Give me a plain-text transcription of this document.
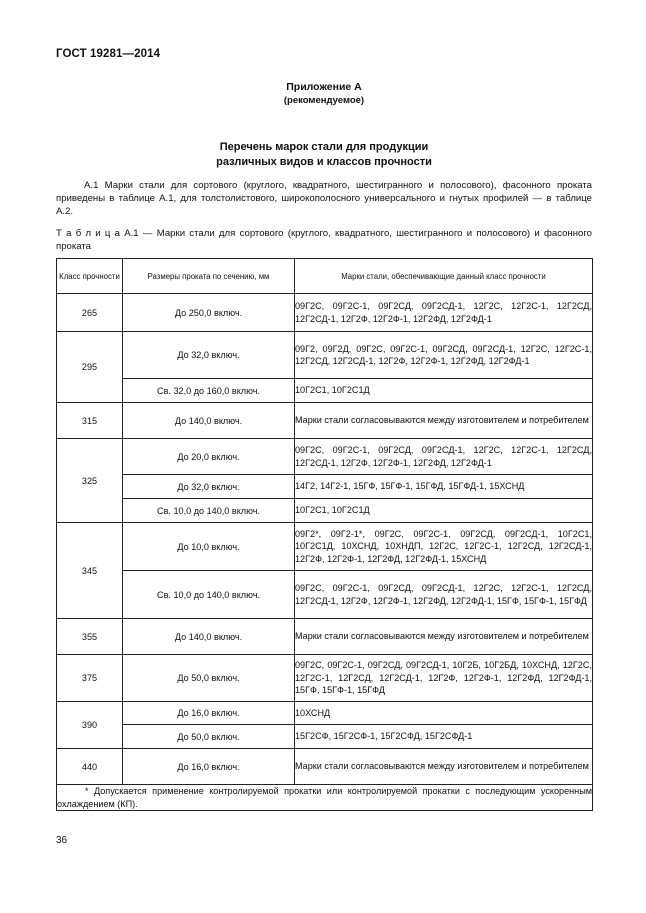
ГОСТ 19281—2014
Приложение А
(рекомендуемое)
Перечень марок стали для продукции
различных видов и классов прочности
А.1 Марки стали для сортового (круглого, квадратного, шестигранного и полосового), фасонного проката приведены в таблице А.1, для толстолистового, широкополосного универсального и гнутых профилей — в таблице А.2.
Т а б л и ц а А.1 — Марки стали для сортового (круглого, квадратного, шестигранного и полосового) и фасонного проката
Класс прочности	Размеры проката по сечению, мм	Марки стали, обеспечивающие данный класс прочности
265	До 250,0 включ.	09Г2С, 09Г2С-1, 09Г2СД, 09Г2СД-1, 12Г2С, 12Г2С-1, 12Г2СД, 12Г2СД-1, 12Г2Ф, 12Г2Ф-1, 12Г2ФД, 12Г2ФД-1
295	До 32,0 включ.	09Г2, 09Г2Д, 09Г2С, 09Г2С-1, 09Г2СД, 09Г2СД-1, 12Г2С, 12Г2С-1, 12Г2СД, 12Г2СД-1, 12Г2Ф, 12Г2Ф-1, 12Г2ФД, 12Г2ФД-1
	Св. 32,0 до 160,0 включ.	10Г2С1, 10Г2С1Д
315	До 140,0 включ.	Марки стали согласовываются между изготовителем и потребителем
325	До 20,0 включ.	09Г2С, 09Г2С-1, 09Г2СД, 09Г2СД-1, 12Г2С, 12Г2С-1, 12Г2СД, 12Г2СД-1, 12Г2Ф, 12Г2Ф-1, 12Г2ФД, 12Г2ФД-1
	До 32,0 включ.	14Г2, 14Г2-1, 15ГФ, 15ГФ-1, 15ГФД, 15ГФД-1, 15ХСНД
	Св. 10,0 до 140,0 включ.	10Г2С1, 10Г2С1Д
345	До 10,0 включ.	09Г2*, 09Г2-1*, 09Г2С, 09Г2С-1, 09Г2СД, 09Г2СД-1, 10Г2С1, 10Г2С1Д, 10ХСНД, 10ХНДП, 12Г2С, 12Г2С-1, 12Г2СД, 12Г2СД-1, 12Г2Ф, 12Г2Ф-1, 12Г2ФД, 12Г2ФД-1, 15ХСНД
	Св. 10,0 до 140,0 включ.	09Г2С, 09Г2С-1, 09Г2СД, 09Г2СД-1, 12Г2С, 12Г2С-1, 12Г2СД, 12Г2СД-1, 12Г2Ф, 12Г2Ф-1, 12Г2ФД, 12Г2ФД-1, 15ГФ, 15ГФ-1, 15ГФД
355	До 140,0 включ.	Марки стали согласовываются между изготовителем и потребителем
375	До 50,0 включ.	09Г2С, 09Г2С-1, 09Г2СД, 09Г2СД-1, 10Г2Б, 10Г2БД, 10ХСНД, 12Г2С, 12Г2С-1, 12Г2СД, 12Г2СД-1, 12Г2Ф, 12Г2Ф-1, 12Г2ФД, 12Г2ФД-1, 15ГФ, 15ГФ-1, 15ГФД
390	До 16,0 включ.	10ХСНД
	До 50,0 включ.	15Г2СФ, 15Г2СФ-1, 15Г2СФД, 15Г2СФД-1
440	До 16,0 включ.	Марки стали согласовываются между изготовителем и потребителем
* Допускается применение контролируемой прокатки или контролируемой прокатки с последующим ускоренным охлаждением (КП).		
36
